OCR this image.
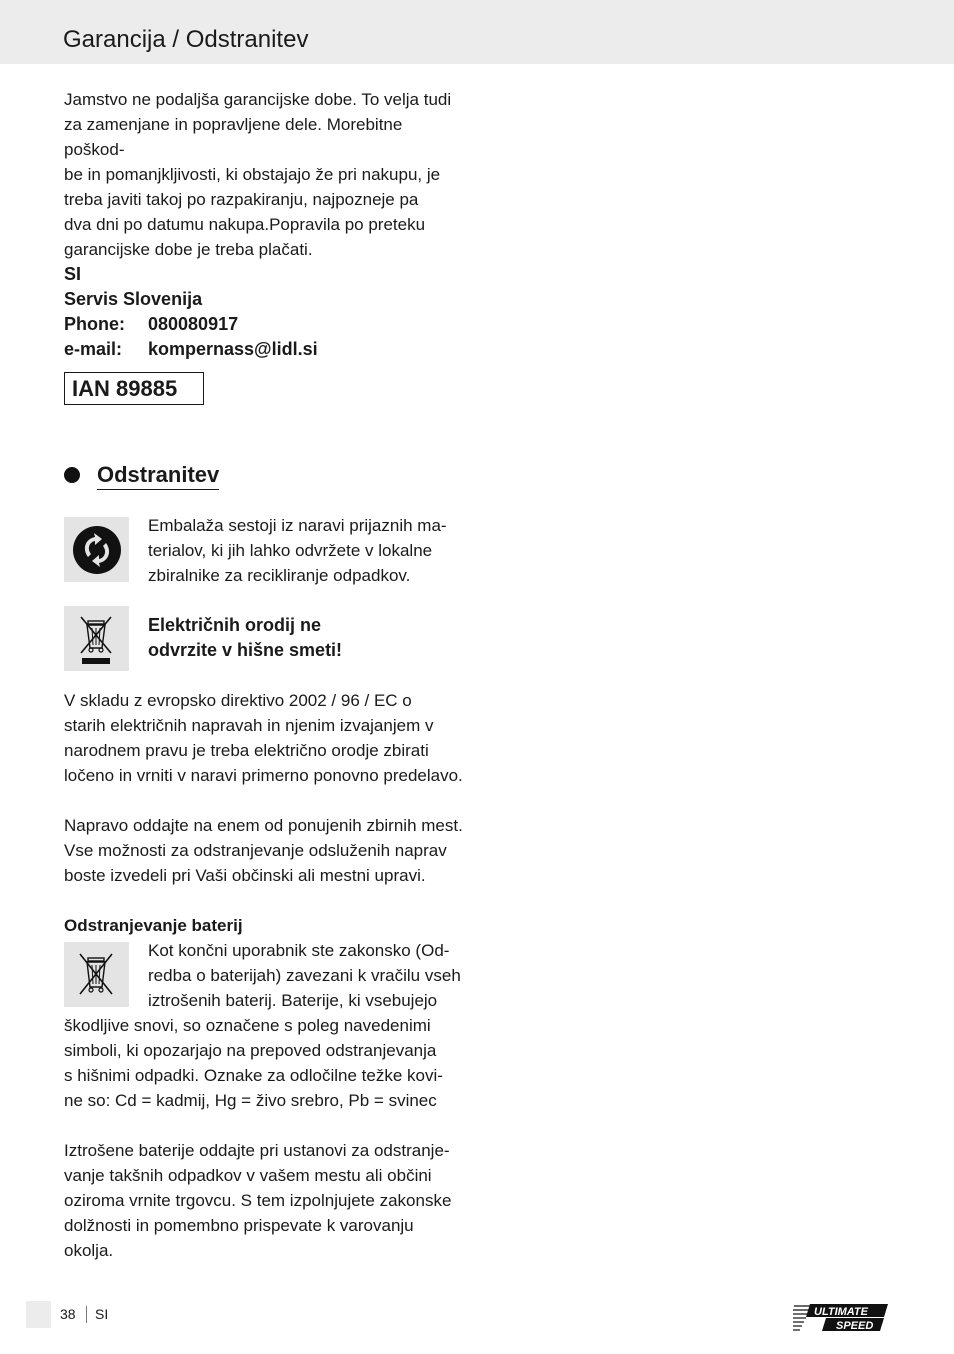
Garancija / Odstranitev

Jamstvo ne podaljša garancijske dobe. To velja tudi
za zamenjane in popravljene dele. Morebitne poškod-
be in pomanjkljivosti, ki obstajajo že pri nakupu, je
treba javiti takoj po razpakiranju, najpozneje pa
dva dni po datumu nakupa.Popravila po preteku
garancijske dobe je treba plačati.

SI
Servis Slovenija
Phone:	080080917
e-mail:	kompernass@lidl.si
IAN 89885
Odstranitev

Embalaža sestoji iz naravi prijaznih ma-
terialov, ki jih lahko odvržete v lokalne
zbiralnike za recikliranje odpadkov.

Električnih orodij ne
odvrzite v hišne smeti!

V skladu z evropsko direktivo 2002 / 96 / EC o
starih električnih napravah in njenim izvajanjem v
narodnem pravu je treba električno orodje zbirati
ločeno in vrniti v naravi primerno ponovno predelavo.

Napravo oddajte na enem od ponujenih zbirnih mest.
Vse možnosti za odstranjevanje odsluženih naprav
boste izvedeli pri Vaši občinski ali mestni upravi.

Odstranjevanje baterij

Kot končni uporabnik ste zakonsko (Od-
redba o baterijah) zavezani k vračilu vseh
iztrošenih baterij. Baterije, ki vsebujejo

škodljive snovi, so označene s poleg navedenimi
simboli, ki opozarjajo na prepoved odstranjevanja
s hišnimi odpadki. Oznake za odločilne težke kovi-
ne so: Cd = kadmij, Hg = živo srebro, Pb = svinec

Iztrošene baterije oddajte pri ustanovi za odstranje-
vanje takšnih odpadkov v vašem mestu ali občini
oziroma vrnite trgovcu. S tem izpolnjujete zakonske
dolžnosti in pomembno prispevate k varovanju okolja.

38 SI	ULTIMATE
SPEED
